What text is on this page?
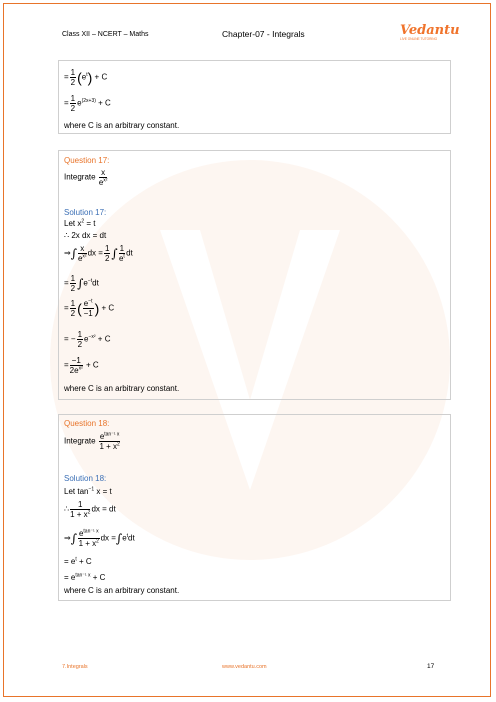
Class XII – NCERT – Maths	Chapter-07 - Integrals	Vedantu
LIVE ONLINE TUTORING
= $\frac{1}{2} (e^t) + C$
= $\frac{1}{2} e^{(2x+3)} + C$
where C is an arbitrary constant.
Question 17:
Integrate $\frac{x}{e^{x^2}}$
Solution 17:
Let $x^2 = t$
∴ 2x dx = dt
⇒∫ $\frac{x}{e^{x^2}}$ dx = $\frac{1}{2}$ ∫ $\frac{1}{e^t}$ dt
= $\frac{1}{2} \int e^{-t}dt$
= $\frac{1}{2}$ ( $\frac{e^{-t}}{-1}$ ) + C
= − $\frac{1}{2} e^{-x^2} + C$
= $\frac{-1}{2e^{x^2}} + C$
where C is an arbitrary constant.
Question 18:
Integrate $\frac{e^{tan^{-1} x}}{1 + x^2}$
Solution 18:
Let $\tan^{-1} x = t$
∴ $\frac{1}{1 + x^2}$ dx = dt
⇒∫ $\frac{e^{tan^{-1} x}}{1 + x^2}$ dx $=\int e^tdt$
= $e^t + C$
= $e^{tan^{-1} x} + C$
where C is an arbitrary constant.
7.Integrals	www.vedantu.com	17
